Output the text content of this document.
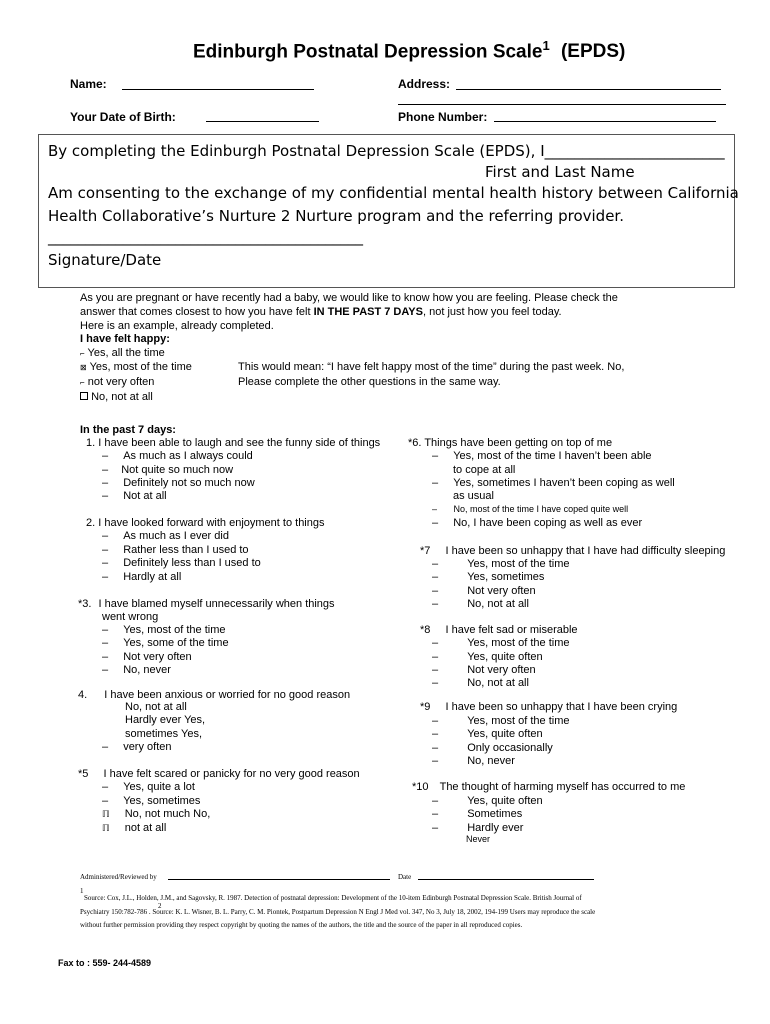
Edinburgh Postnatal Depression Scale$^1$ (EPDS)
Name:	Address:
Your Date of Birth:	Phone Number:
By completing the Edinburgh Postnatal Depression Scale (EPDS), I________________________
First and Last Name
Am consenting to the exchange of my confidential mental health history between California
Health Collaborative’s Nurture 2 Nurture program and the referring provider.
__________________________________________
Signature/Date
As you are pregnant or have recently had a baby, we would like to know how you are feeling. Please check the
answer that comes closest to how you have felt IN THE PAST 7 DAYS, not just how you feel today.
Here is an example, already completed.
I have felt happy:
⌐ Yes, all the time
⊠ Yes, most of the time
⌐ not very often
No, not at all
This would mean: “I have felt happy most of the time” during the past week. No,
Please complete the other questions in the same way.
In the past 7 days:
1. I have been able to laugh and see the funny side of things
– As much as I always could
– Not quite so much now
– Definitely not so much now
– Not at all
2. I have looked forward with enjoyment to things
– As much as I ever did
– Rather less than I used to
– Definitely less than I used to
– Hardly at all
*3. I have blamed myself unnecessarily when things
went wrong
– Yes, most of the time
– Yes, some of the time
– Not very often
– No, never
4. I have been anxious or worried for no good reason
No, not at all
Hardly ever Yes,
sometimes Yes,
– very often
*5 I have felt scared or panicky for no very good reason
– Yes, quite a lot
– Yes, sometimes
ℿ No, not much No,
ℿ not at all
*6. Things have been getting on top of me
– Yes, most of the time I haven’t been able
to cope at all
– Yes, sometimes I haven’t been coping as well
as usual
– No, most of the time I have coped quite well
– No, I have been coping as well as ever
*7 I have been so unhappy that I have had difficulty sleeping
– Yes, most of the time
– Yes, sometimes
– Not very often
– No, not at all
*8 I have felt sad or miserable
– Yes, most of the time
– Yes, quite often
– Not very often
– No, not at all
*9 I have been so unhappy that I have been crying
– Yes, most of the time
– Yes, quite often
– Only occasionally
– No, never
*10 The thought of harming myself has occurred to me
– Yes, quite often
– Sometimes
– Hardly ever
Never
Administered/Reviewed by	Date
1
Source: Cox, J.L., Holden, J.M., and Sagovsky, R. 1987. Detection of postnatal depression: Development of the 10-item Edinburgh Postnatal Depression Scale. British Journal of
2
Psychiatry 150:782-786 . Source: K. L. Wisner, B. L. Parry, C. M. Piontek, Postpartum Depression N Engl J Med vol. 347, No 3, July 18, 2002, 194-199 Users may reproduce the scale
without further permission providing they respect copyright by quoting the names of the authors, the title and the source of the paper in all reproduced copies.
Fax to : 559- 244-4589
